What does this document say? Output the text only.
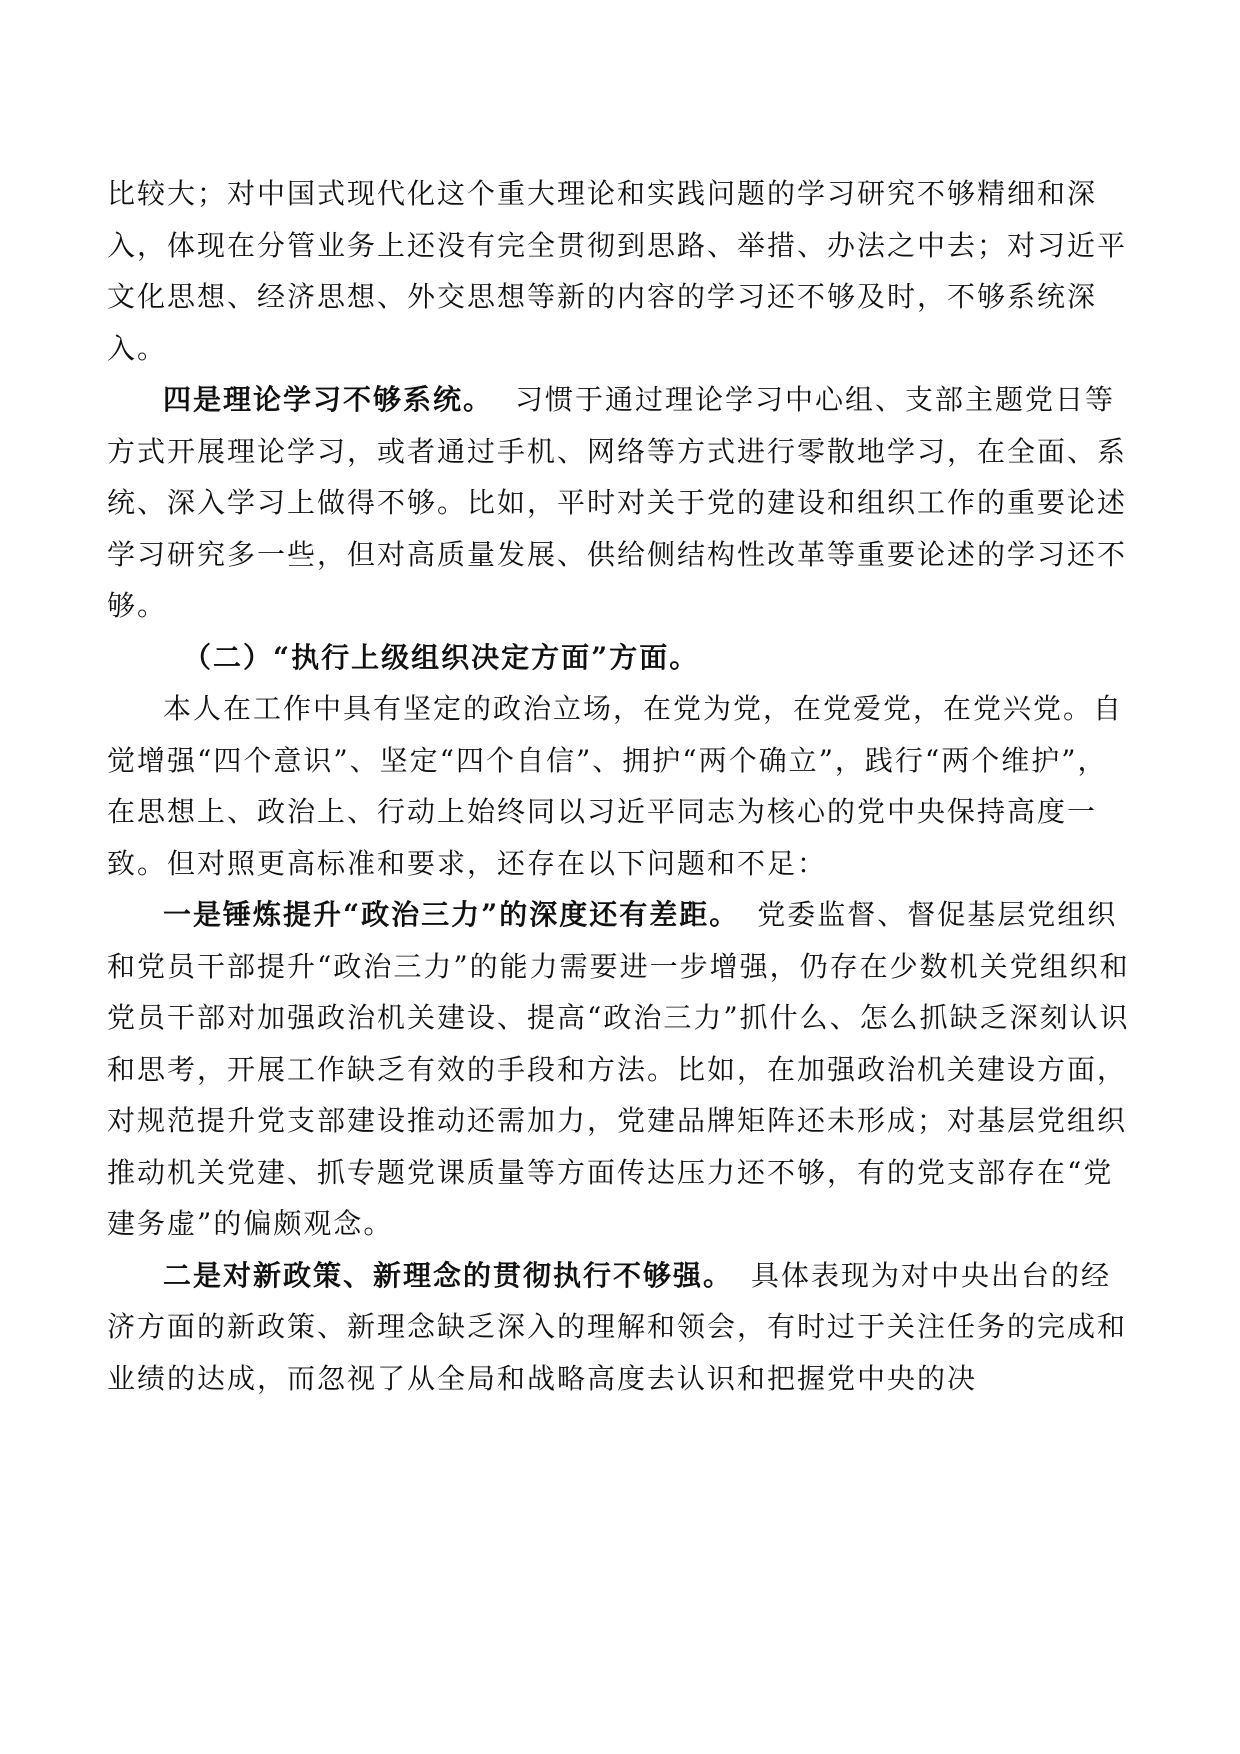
比较大；对中国式现代化这个重大理论和实践问题的学习研究不够精细和深入，体现在分管业务上还没有完全贯彻到思路、举措、办法之中去；对习近平文化思想、经济思想、外交思想等新的内容的学习还不够及时，不够系统深入。

四是理论学习不够系统。 习惯于通过理论学习中心组、支部主题党日等方式开展理论学习，或者通过手机、网络等方式进行零散地学习，在全面、系统、深入学习上做得不够。比如，平时对关于党的建设和组织工作的重要论述学习研究多一些，但对高质量发展、供给侧结构性改革等重要论述的学习还不够。

（二）“执行上级组织决定方面”方面。

本人在工作中具有坚定的政治立场，在党为党，在党爱党，在党兴党。自觉增强“四个意识”、坚定“四个自信”、拥护“两个确立”，践行“两个维护”，在思想上、政治上、行动上始终同以习近平同志为核心的党中央保持高度一致。但对照更高标准和要求，还存在以下问题和不足：

一是锤炼提升“政治三力”的深度还有差距。 党委监督、督促基层党组织和党员干部提升“政治三力”的能力需要进一步增强，仍存在少数机关党组织和党员干部对加强政治机关建设、提高“政治三力”抓什么、怎么抓缺乏深刻认识和思考，开展工作缺乏有效的手段和方法。比如，在加强政治机关建设方面，对规范提升党支部建设推动还需加力，党建品牌矩阵还未形成；对基层党组织推动机关党建、抓专题党课质量等方面传达压力还不够，有的党支部存在“党建务虚”的偏颇观念。

二是对新政策、新理念的贯彻执行不够强。 具体表现为对中央出台的经济方面的新政策、新理念缺乏深入的理解和领会，有时过于关注任务的完成和业绩的达成，而忽视了从全局和战略高度去认识和把握党中央的决
